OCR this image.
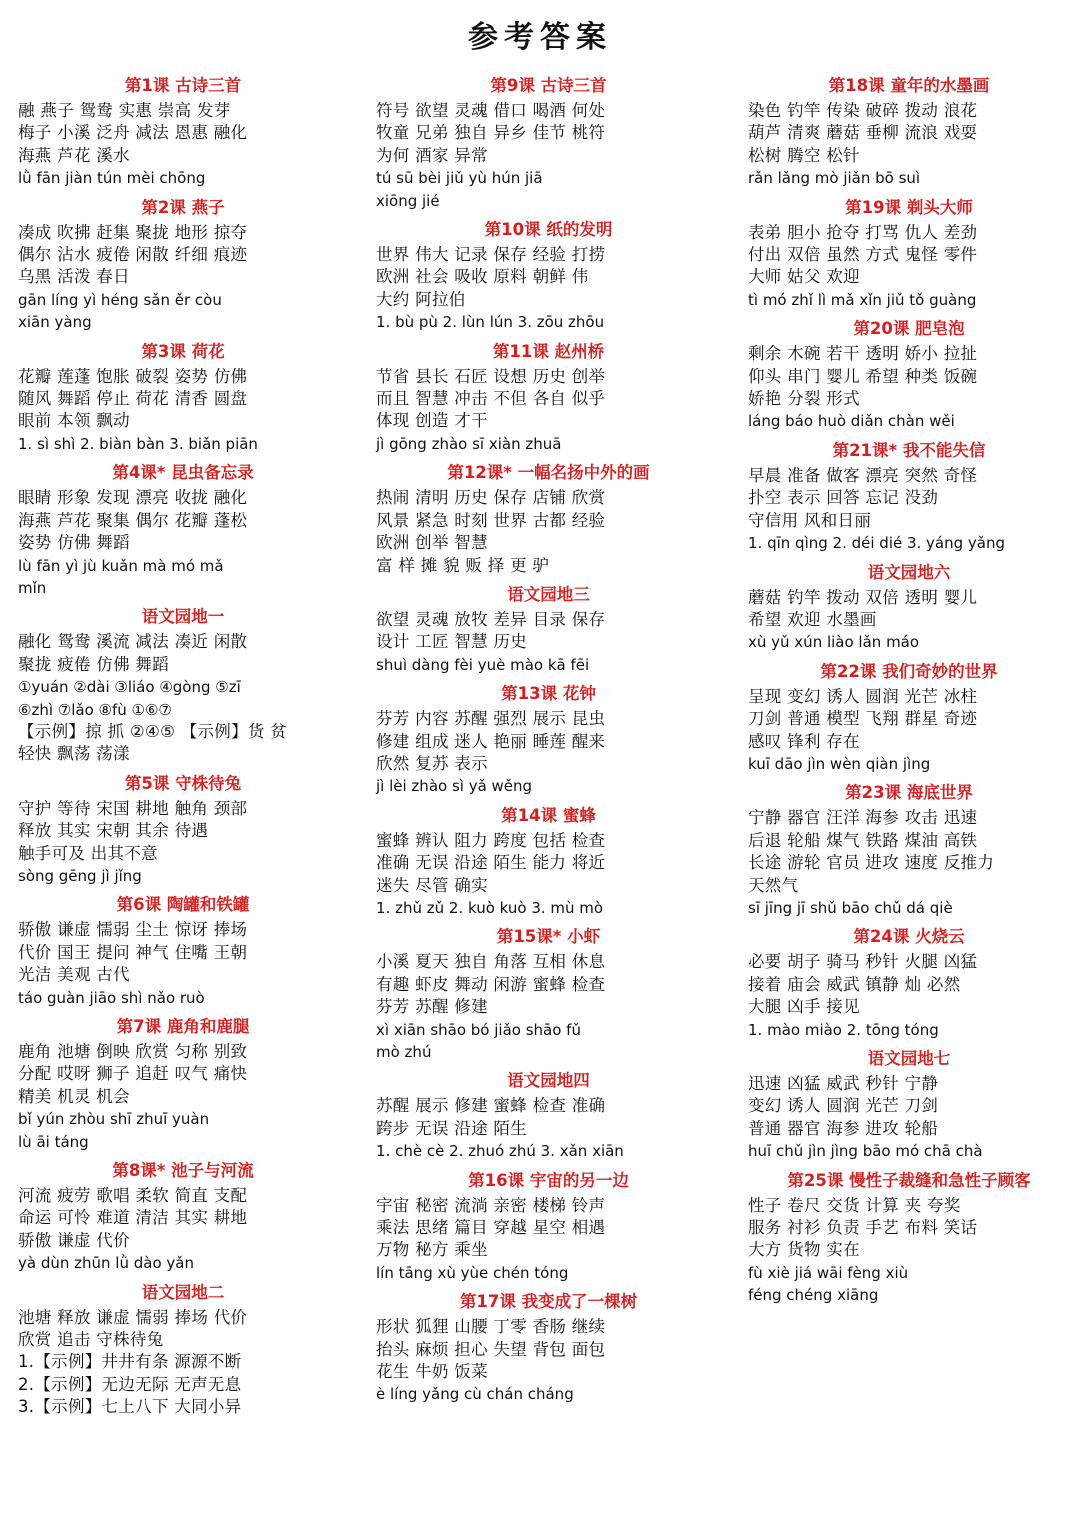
参考答案
第1课 古诗三首
融 燕子 鸳鸯 实惠 崇高 发芽
梅子 小溪 泛舟 减法 恩惠 融化
海燕 芦花 溪水
lǜ fān jiàn tún mèi chōng
第2课 燕子
凑成 吹拂 赶集 聚拢 地形 掠夺
偶尔 沾水 疲倦 闲散 纤细 痕迹
乌黑 活泼 春日
gān líng yì héng sǎn ěr còu
xiān yàng
第3课 荷花
花瓣 莲蓬 饱胀 破裂 姿势 仿佛
随风 舞蹈 停止 荷花 清香 圆盘
眼前 本领 飘动
1. sì shì 2. biàn bàn 3. biǎn piān
第4课* 昆虫备忘录
眼睛 形象 发现 漂亮 收拢 融化
海燕 芦花 聚集 偶尔 花瓣 蓬松
姿势 仿佛 舞蹈
lù fān yì jù kuǎn mà mó mǎ
mǐn
语文园地一
融化 鸳鸯 溪流 减法 凑近 闲散
聚拢 疲倦 仿佛 舞蹈
①yuán ②dài ③liáo ④gòng ⑤zī
⑥zhì ⑦lǎo ⑧fù ①⑥⑦
【示例】掠 抓 ②④⑤ 【示例】货 贫
轻快 飘荡 荡漾
第5课 守株待兔
守护 等待 宋国 耕地 触角 颈部
释放 其实 宋朝 其余 待遇
触手可及 出其不意
sòng gēng jì jǐng
第6课 陶罐和铁罐
骄傲 谦虚 懦弱 尘土 惊讶 捧场
代价 国王 提问 神气 住嘴 王朝
光洁 美观 古代
táo guàn jiāo shì nǎo ruò
第7课 鹿角和鹿腿
鹿角 池塘 倒映 欣赏 匀称 别致
分配 哎呀 狮子 追赶 叹气 痛快
精美 机灵 机会
bǐ yún zhòu shī zhuī yuàn
lù āi táng
第8课* 池子与河流
河流 疲劳 歌唱 柔软 简直 支配
命运 可怜 难道 清洁 其实 耕地
骄傲 谦虚 代价
yà dùn zhūn lǜ dào yǎn
语文园地二
池塘 释放 谦虚 懦弱 捧场 代价
欣赏 追击 守株待兔
1.【示例】井井有条 源源不断
2.【示例】无边无际 无声无息
3.【示例】七上八下 大同小异
第9课 古诗三首
符号 欲望 灵魂 借口 喝酒 何处
牧童 兄弟 独自 异乡 佳节 桃符
为何 酒家 异常
tú sū bèi jiǔ yù hún jiā
xiōng jié
第10课 纸的发明
世界 伟大 记录 保存 经验 打捞
欧洲 社会 吸收 原料 朝鲜 伟
大约 阿拉伯
1. bù pù 2. lùn lún 3. zōu zhōu
第11课 赵州桥
节省 县长 石匠 设想 历史 创举
而且 智慧 冲击 不但 各自 似乎
体现 创造 才干
jì gōng zhào sī xiàn zhuā
第12课* 一幅名扬中外的画
热闹 清明 历史 保存 店铺 欣赏
风景 紧急 时刻 世界 古都 经验
欧洲 创举 智慧
富 样 摊 貌 贩 择 更 驴
语文园地三
欲望 灵魂 放牧 差异 目录 保存
设计 工匠 智慧 历史
shuì dàng fèi yuè mào kā fēi
第13课 花钟
芬芳 内容 苏醒 强烈 展示 昆虫
修建 组成 迷人 艳丽 睡莲 醒来
欣然 复苏 表示
jì lèi zhào sì yǎ wěng
第14课 蜜蜂
蜜蜂 辨认 阻力 跨度 包括 检查
准确 无误 沿途 陌生 能力 将近
迷失 尽管 确实
1. zhǔ zǔ 2. kuò kuò 3. mù mò
第15课* 小虾
小溪 夏天 独自 角落 互相 休息
有趣 虾皮 舞动 闲游 蜜蜂 检查
芬芳 苏醒 修建
xì xiān shāo bó jiǎo shāo fǔ
mò zhú
语文园地四
苏醒 展示 修建 蜜蜂 检查 准确
跨步 无误 沿途 陌生
1. chè cè 2. zhuó zhú 3. xǎn xiān
第16课 宇宙的另一边
宇宙 秘密 流淌 亲密 楼梯 铃声
乘法 思绪 篇目 穿越 星空 相遇
万物 秘方 乘坐
lín tāng xù yùe chén tóng
第17课 我变成了一棵树
形状 狐狸 山腰 丁零 香肠 继续
抬头 麻烦 担心 失望 背包 面包
花生 牛奶 饭菜
è líng yǎng cù chán cháng
第18课 童年的水墨画
染色 钓竿 传染 破碎 拨动 浪花
葫芦 清爽 蘑菇 垂柳 流浪 戏耍
松树 腾空 松针
rǎn lǎng mò jiǎn bō suì
第19课 剃头大师
表弟 胆小 抢夺 打骂 仇人 差劲
付出 双倍 虽然 方式 鬼怪 零件
大师 姑父 欢迎
tì mó zhǐ lì mǎ xǐn jiǔ tǒ guàng
第20课 肥皂泡
剩余 木碗 若干 透明 娇小 拉扯
仰头 串门 婴儿 希望 种类 饭碗
娇艳 分裂 形式
láng báo huò diǎn chàn wěi
第21课* 我不能失信
早晨 准备 做客 漂亮 突然 奇怪
扑空 表示 回答 忘记 没劲
守信用 风和日丽
1. qīn qìng 2. déi dié 3. yáng yǎng
语文园地六
蘑菇 钓竿 拨动 双倍 透明 婴儿
希望 欢迎 水墨画
xù yǔ xún liào lǎn máo
第22课 我们奇妙的世界
呈现 变幻 诱人 圆润 光芒 冰柱
刀剑 普通 模型 飞翔 群星 奇迹
感叹 锋利 存在
kuī dāo jìn wèn qiàn jìng
第23课 海底世界
宁静 器官 汪洋 海参 攻击 迅速
后退 轮船 煤气 铁路 煤油 高铁
长途 游轮 官员 进攻 速度 反推力
天然气
sī jīng jī shǔ bāo chǔ dá qiè
第24课 火烧云
必要 胡子 骑马 秒针 火腿 凶猛
接着 庙会 威武 镇静 灿 必然
大腿 凶手 接见
1. mào miào 2. tōng tóng
语文园地七
迅速 凶猛 威武 秒针 宁静
变幻 诱人 圆润 光芒 刀剑
普通 器官 海参 进攻 轮船
huī chǔ jìn jìng bāo mó chā chà
第25课 慢性子裁缝和急性子顾客
性子 卷尺 交货 计算 夹 夸奖
服务 衬衫 负责 手艺 布料 笑话
大方 货物 实在
fù xiè jiá wāi fèng xiù
féng chéng xiāng
